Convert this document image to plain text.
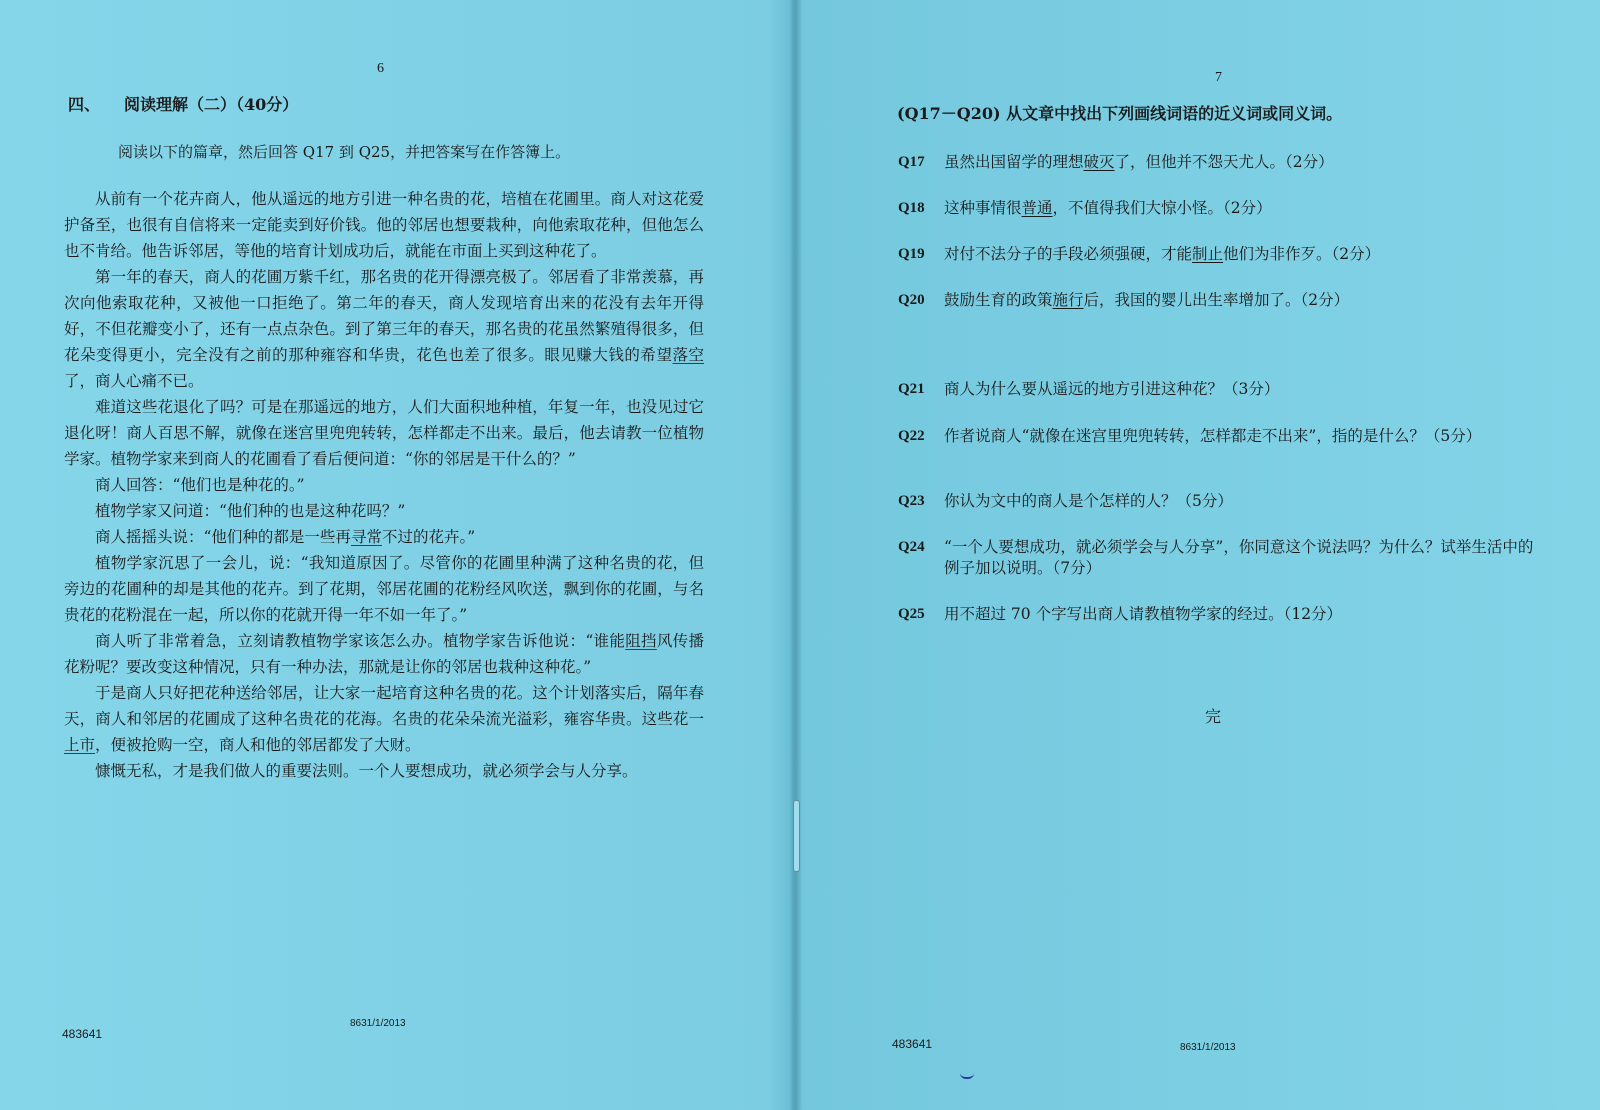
6
四、 阅读理解（二）（40分）
阅读以下的篇章，然后回答 Q17 到 Q25，并把答案写在作答簿上。

从前有一个花卉商人，他从遥远的地方引进一种名贵的花，培植在花圃里。商人对这花爱护备至，也很有自信将来一定能卖到好价钱。他的邻居也想要栽种，向他索取花种，但他怎么也不肯给。他告诉邻居，等他的培育计划成功后，就能在市面上买到这种花了。

第一年的春天，商人的花圃万紫千红，那名贵的花开得漂亮极了。邻居看了非常羡慕，再次向他索取花种，又被他一口拒绝了。第二年的春天，商人发现培育出来的花没有去年开得好，不但花瓣变小了，还有一点点杂色。到了第三年的春天，那名贵的花虽然繁殖得很多，但花朵变得更小，完全没有之前的那种雍容和华贵，花色也差了很多。眼见赚大钱的希望落空了，商人心痛不已。

难道这些花退化了吗？可是在那遥远的地方，人们大面积地种植，年复一年，也没见过它退化呀！商人百思不解，就像在迷宫里兜兜转转，怎样都走不出来。最后，他去请教一位植物学家。植物学家来到商人的花圃看了看后便问道：“你的邻居是干什么的？”

商人回答：“他们也是种花的。”

植物学家又问道：“他们种的也是这种花吗？”

商人摇摇头说：“他们种的都是一些再寻常不过的花卉。”

植物学家沉思了一会儿，说：“我知道原因了。尽管你的花圃里种满了这种名贵的花，但旁边的花圃种的却是其他的花卉。到了花期，邻居花圃的花粉经风吹送，飘到你的花圃，与名贵花的花粉混在一起，所以你的花就开得一年不如一年了。”

商人听了非常着急，立刻请教植物学家该怎么办。植物学家告诉他说：“谁能阻挡风传播花粉呢？要改变这种情况，只有一种办法，那就是让你的邻居也栽种这种花。”

于是商人只好把花种送给邻居，让大家一起培育这种名贵的花。这个计划落实后，隔年春天，商人和邻居的花圃成了这种名贵花的花海。名贵的花朵朵流光溢彩，雍容华贵。这些花一上市，便被抢购一空，商人和他的邻居都发了大财。

慷慨无私，才是我们做人的重要法则。一个人要想成功，就必须学会与人分享。

483641
8631/1/2013
7
(Q17－Q20) 从文章中找出下列画线词语的近义词或同义词。
Q17 虽然出国留学的理想破灭了，但他并不怨天尤人。（2分）
Q18 这种事情很普通，不值得我们大惊小怪。（2分）
Q19 对付不法分子的手段必须强硬，才能制止他们为非作歹。（2分）
Q20 鼓励生育的政策施行后，我国的婴儿出生率增加了。（2分）
Q21 商人为什么要从遥远的地方引进这种花？（3分）
Q22 作者说商人“就像在迷宫里兜兜转转，怎样都走不出来”，指的是什么？（5分）
Q23 你认为文中的商人是个怎样的人？（5分）
Q24 “一个人要想成功，就必须学会与人分享”，你同意这个说法吗？为什么？试举生活中的例子加以说明。（7分）
Q25 用不超过 70 个字写出商人请教植物学家的经过。（12分）
483641	8631/1/2013
完
